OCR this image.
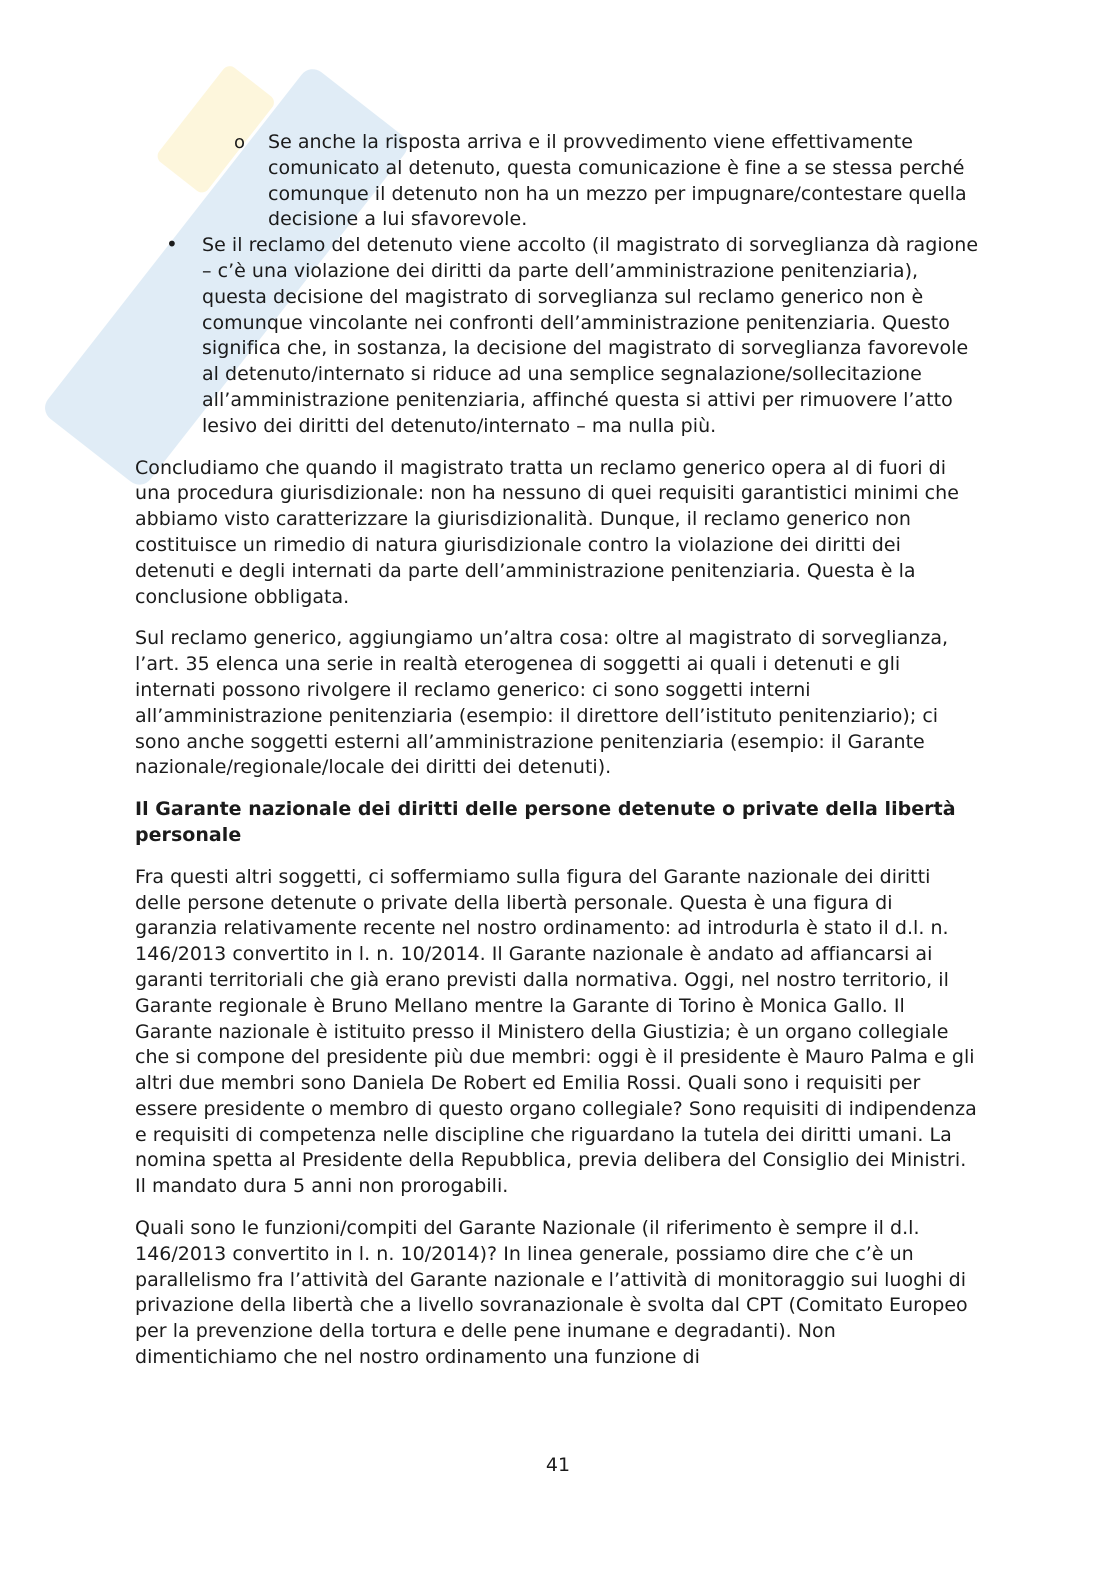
o Se anche la risposta arriva e il provvedimento viene effettivamente comunicato al detenuto, questa comunicazione è fine a se stessa perché comunque il detenuto non ha un mezzo per impugnare/contestare quella decisione a lui sfavorevole.
• Se il reclamo del detenuto viene accolto (il magistrato di sorveglianza dà ragione – c’è una violazione dei diritti da parte dell’amministrazione penitenziaria), questa decisione del magistrato di sorveglianza sul reclamo generico non è comunque vincolante nei confronti dell’amministrazione penitenziaria. Questo significa che, in sostanza, la decisione del magistrato di sorveglianza favorevole al detenuto/internato si riduce ad una semplice segnalazione/sollecitazione all’amministrazione penitenziaria, affinché questa si attivi per rimuovere l’atto lesivo dei diritti del detenuto/internato – ma nulla più.

Concludiamo che quando il magistrato tratta un reclamo generico opera al di fuori di una procedura giurisdizionale: non ha nessuno di quei requisiti garantistici minimi che abbiamo visto caratterizzare la giurisdizionalità. Dunque, il reclamo generico non costituisce un rimedio di natura giurisdizionale contro la violazione dei diritti dei detenuti e degli internati da parte dell’amministrazione penitenziaria. Questa è la conclusione obbligata.

Sul reclamo generico, aggiungiamo un’altra cosa: oltre al magistrato di sorveglianza, l’art. 35 elenca una serie in realtà eterogenea di soggetti ai quali i detenuti e gli internati possono rivolgere il reclamo generico: ci sono soggetti interni all’amministrazione penitenziaria (esempio: il direttore dell’istituto penitenziario); ci sono anche soggetti esterni all’amministrazione penitenziaria (esempio: il Garante nazionale/regionale/locale dei diritti dei detenuti).

Il Garante nazionale dei diritti delle persone detenute o private della libertà personale

Fra questi altri soggetti, ci soffermiamo sulla figura del Garante nazionale dei diritti delle persone detenute o private della libertà personale. Questa è una figura di garanzia relativamente recente nel nostro ordinamento: ad introdurla è stato il d.l. n. 146/2013 convertito in l. n. 10/2014. Il Garante nazionale è andato ad affiancarsi ai garanti territoriali che già erano previsti dalla normativa. Oggi, nel nostro territorio, il Garante regionale è Bruno Mellano mentre la Garante di Torino è Monica Gallo. Il Garante nazionale è istituito presso il Ministero della Giustizia; è un organo collegiale che si compone del presidente più due membri: oggi è il presidente è Mauro Palma e gli altri due membri sono Daniela De Robert ed Emilia Rossi. Quali sono i requisiti per essere presidente o membro di questo organo collegiale? Sono requisiti di indipendenza e requisiti di competenza nelle discipline che riguardano la tutela dei diritti umani. La nomina spetta al Presidente della Repubblica, previa delibera del Consiglio dei Ministri. Il mandato dura 5 anni non prorogabili.

Quali sono le funzioni/compiti del Garante Nazionale (il riferimento è sempre il d.l. 146/2013 convertito in l. n. 10/2014)? In linea generale, possiamo dire che c’è un parallelismo fra l’attività del Garante nazionale e l’attività di monitoraggio sui luoghi di privazione della libertà che a livello sovranazionale è svolta dal CPT (Comitato Europeo per la prevenzione della tortura e delle pene inumane e degradanti). Non dimentichiamo che nel nostro ordinamento una funzione di

41
